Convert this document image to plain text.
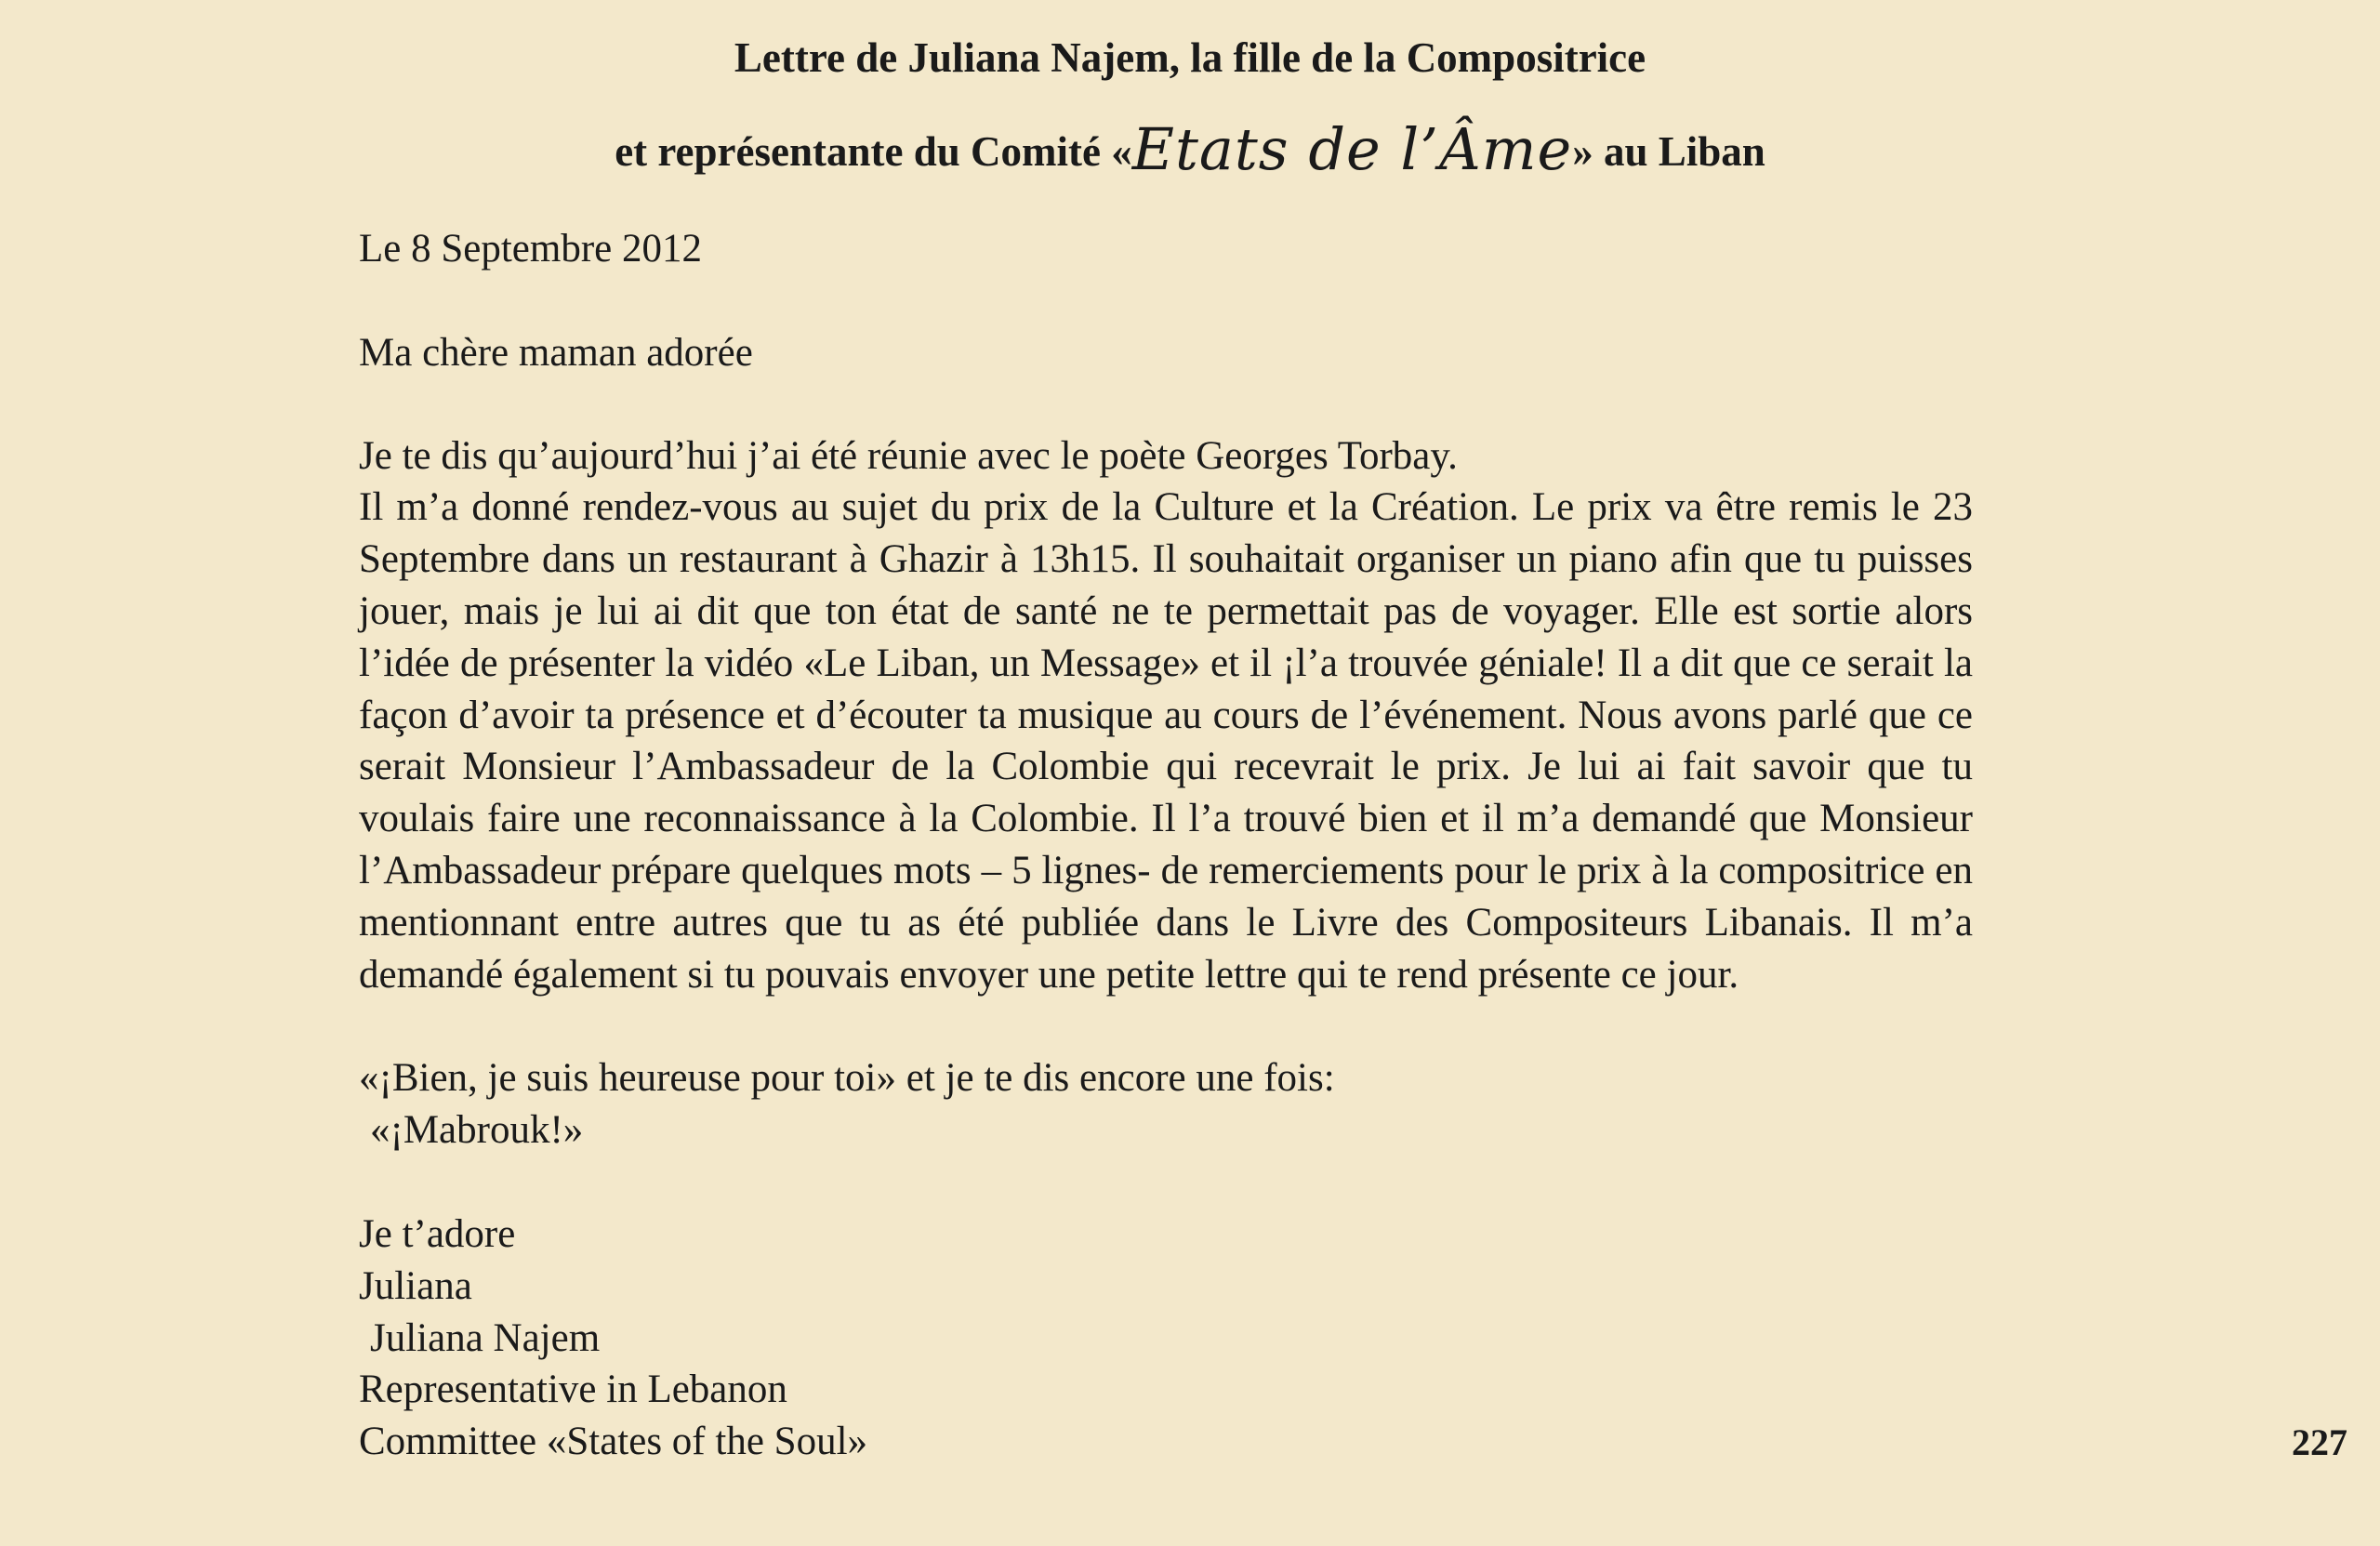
Lettre de Juliana Najem, la fille de la Compositrice
et représentante du Comité «Etats de l’Âme» au Liban
Le 8 Septembre 2012
Ma chère maman adorée
Je te dis qu’aujourd’hui j’ai été réunie avec le poète Georges Torbay.
Il m’a donné rendez-vous au sujet du prix de la Culture et la Création. Le prix va être remis le 23 Septembre dans un restaurant à Ghazir à 13h15. Il souhaitait organiser un piano afin que tu puisses jouer, mais je lui ai dit que ton état de santé ne te permettait pas de voyager. Elle est sortie alors l’idée de présenter la vidéo «Le Liban, un Message» et il ¡l’a trouvée géniale! Il a dit que ce serait la façon d’avoir ta présence et d’écouter ta musique au cours de l’événement. Nous avons parlé que ce serait Monsieur l’Ambassadeur de la Colombie qui recevrait le prix. Je lui ai fait savoir que tu voulais faire une reconnaissance à la Colombie. Il l’a trouvé bien et il m’a demandé que Monsieur l’Ambassadeur prépare quelques mots – 5 lignes- de remerciements pour le prix à la compositrice en mentionnant entre autres que tu as été publiée dans le Livre des Compositeurs Libanais. Il m’a demandé également si tu pouvais envoyer une petite lettre qui te rend présente ce jour.
«¡Bien, je suis heureuse pour toi» et je te dis encore une fois:
«¡Mabrouk!»
Je t’adore
Juliana
Juliana Najem
Representative in Lebanon
Committee «States of the Soul»	227
